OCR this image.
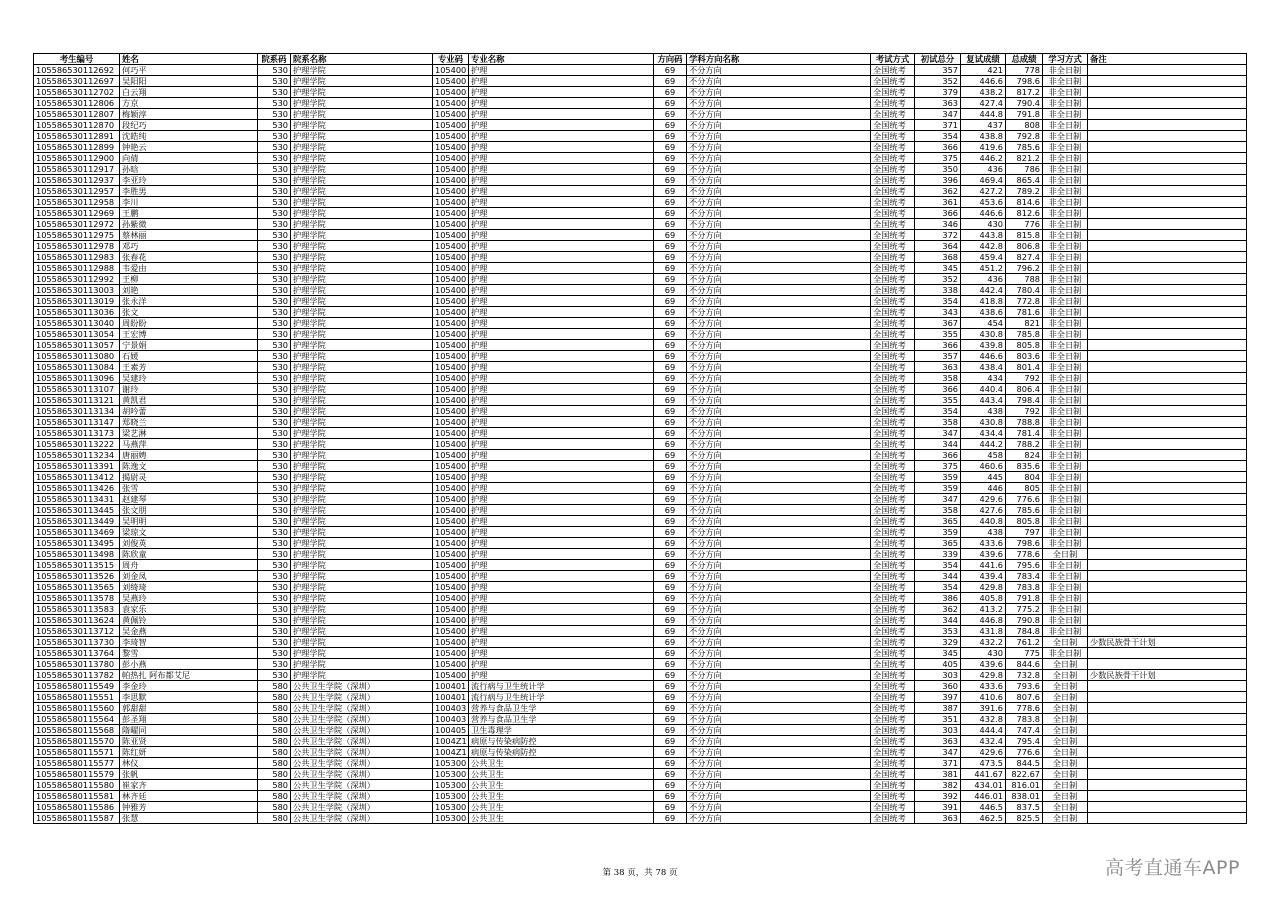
考生编号	姓名	院系码	院系名称	专业码	专业名称	方向码	学科方向名称	考试方式	初试总分	复试成绩	总成绩	学习方式	备注
105586530112692	何巧平	530	护理学院	105400	护理	69	不分方向	全国统考	357	421	778	非全日制	
105586530112697	吴阳阳	530	护理学院	105400	护理	69	不分方向	全国统考	352	446.6	798.6	非全日制	
105586530112702	白云翔	530	护理学院	105400	护理	69	不分方向	全国统考	379	438.2	817.2	非全日制	
105586530112806	方京	530	护理学院	105400	护理	69	不分方向	全国统考	363	427.4	790.4	非全日制	
105586530112807	梅颖淳	530	护理学院	105400	护理	69	不分方向	全国统考	347	444.8	791.8	非全日制	
105586530112870	段纪巧	530	护理学院	105400	护理	69	不分方向	全国统考	371	437	808	非全日制	
105586530112891	沈皓纯	530	护理学院	105400	护理	69	不分方向	全国统考	354	438.8	792.8	非全日制	
105586530112899	钟艳云	530	护理学院	105400	护理	69	不分方向	全国统考	366	419.6	785.6	非全日制	
105586530112900	向倩	530	护理学院	105400	护理	69	不分方向	全国统考	375	446.2	821.2	非全日制	
105586530112917	孙晗	530	护理学院	105400	护理	69	不分方向	全国统考	350	436	786	非全日制	
105586530112937	李亚玲	530	护理学院	105400	护理	69	不分方向	全国统考	396	469.4	865.4	非全日制	
105586530112957	李胜男	530	护理学院	105400	护理	69	不分方向	全国统考	362	427.2	789.2	非全日制	
105586530112958	李川	530	护理学院	105400	护理	69	不分方向	全国统考	361	453.6	814.6	非全日制	
105586530112969	王鹏	530	护理学院	105400	护理	69	不分方向	全国统考	366	446.6	812.6	非全日制	
105586530112972	孙紫微	530	护理学院	105400	护理	69	不分方向	全国统考	346	430	776	非全日制	
105586530112975	蔡林丽	530	护理学院	105400	护理	69	不分方向	全国统考	372	443.8	815.8	非全日制	
105586530112978	邓巧	530	护理学院	105400	护理	69	不分方向	全国统考	364	442.8	806.8	非全日制	
105586530112983	张春花	530	护理学院	105400	护理	69	不分方向	全国统考	368	459.4	827.4	非全日制	
105586530112988	韦爱由	530	护理学院	105400	护理	69	不分方向	全国统考	345	451.2	796.2	非全日制	
105586530112992	王柳	530	护理学院	105400	护理	69	不分方向	全国统考	352	436	788	非全日制	
105586530113003	刘艳	530	护理学院	105400	护理	69	不分方向	全国统考	338	442.4	780.4	非全日制	
105586530113019	张永洋	530	护理学院	105400	护理	69	不分方向	全国统考	354	418.8	772.8	非全日制	
105586530113036	张文	530	护理学院	105400	护理	69	不分方向	全国统考	343	438.6	781.6	非全日制	
105586530113040	周盼盼	530	护理学院	105400	护理	69	不分方向	全国统考	367	454	821	非全日制	
105586530113054	王宏博	530	护理学院	105400	护理	69	不分方向	全国统考	355	430.8	785.8	非全日制	
105586530113057	宁景娟	530	护理学院	105400	护理	69	不分方向	全国统考	366	439.8	805.8	非全日制	
105586530113080	石媛	530	护理学院	105400	护理	69	不分方向	全国统考	357	446.6	803.6	非全日制	
105586530113084	王素芳	530	护理学院	105400	护理	69	不分方向	全国统考	363	438.4	801.4	非全日制	
105586530113096	吴建玲	530	护理学院	105400	护理	69	不分方向	全国统考	358	434	792	非全日制	
105586530113107	谢玲	530	护理学院	105400	护理	69	不分方向	全国统考	366	440.4	806.4	非全日制	
105586530113121	黄凯君	530	护理学院	105400	护理	69	不分方向	全国统考	355	443.4	798.4	非全日制	
105586530113134	胡吟蕾	530	护理学院	105400	护理	69	不分方向	全国统考	354	438	792	非全日制	
105586530113147	郑晓兰	530	护理学院	105400	护理	69	不分方向	全国统考	358	430.8	788.8	非全日制	
105586530113173	梁艺淋	530	护理学院	105400	护理	69	不分方向	全国统考	347	434.4	781.4	非全日制	
105586530113222	马燕萍	530	护理学院	105400	护理	69	不分方向	全国统考	344	444.2	788.2	非全日制	
105586530113234	唐丽娉	530	护理学院	105400	护理	69	不分方向	全国统考	366	458	824	非全日制	
105586530113391	陈逸文	530	护理学院	105400	护理	69	不分方向	全国统考	375	460.6	835.6	非全日制	
105586530113412	揭尉灵	530	护理学院	105400	护理	69	不分方向	全国统考	359	445	804	非全日制	
105586530113426	张雪	530	护理学院	105400	护理	69	不分方向	全国统考	359	446	805	非全日制	
105586530113431	赵建琴	530	护理学院	105400	护理	69	不分方向	全国统考	347	429.6	776.6	非全日制	
105586530113445	张文朋	530	护理学院	105400	护理	69	不分方向	全国统考	358	427.6	785.6	非全日制	
105586530113449	吴明明	530	护理学院	105400	护理	69	不分方向	全国统考	365	440.8	805.8	非全日制	
105586530113469	梁琼文	530	护理学院	105400	护理	69	不分方向	全国统考	359	438	797	非全日制	
105586530113495	刘俊英	530	护理学院	105400	护理	69	不分方向	全国统考	365	433.6	798.6	非全日制	
105586530113498	陈欣童	530	护理学院	105400	护理	69	不分方向	全国统考	339	439.6	778.6	全日制	
105586530113515	周舟	530	护理学院	105400	护理	69	不分方向	全国统考	354	441.6	795.6	非全日制	
105586530113526	刘金凤	530	护理学院	105400	护理	69	不分方向	全国统考	344	439.4	783.4	非全日制	
105586530113565	刘绮琦	530	护理学院	105400	护理	69	不分方向	全国统考	354	429.8	783.8	非全日制	
105586530113578	吴燕玲	530	护理学院	105400	护理	69	不分方向	全国统考	386	405.8	791.8	非全日制	
105586530113583	袁家乐	530	护理学院	105400	护理	69	不分方向	全国统考	362	413.2	775.2	非全日制	
105586530113624	黄佩铃	530	护理学院	105400	护理	69	不分方向	全国统考	344	446.8	790.8	非全日制	
105586530113712	吴金燕	530	护理学院	105400	护理	69	不分方向	全国统考	353	431.8	784.8	非全日制	
105586530113730	李琦智	530	护理学院	105400	护理	69	不分方向	全国统考	329	432.2	761.2	全日制	少数民族骨干计划
105586530113764	黎雪	530	护理学院	105400	护理	69	不分方向	全国统考	345	430	775	非全日制	
105586530113780	彭小燕	530	护理学院	105400	护理	69	不分方向	全国统考	405	439.6	844.6	全日制	
105586530113782	帕热扎 阿布都艾尼	530	护理学院	105400	护理	69	不分方向	全国统考	303	429.8	732.8	全日制	少数民族骨干计划
105586580115549	李金玲	580	公共卫生学院（深圳）	100401	流行病与卫生统计学	69	不分方向	全国统考	360	433.6	793.6	全日制	
105586580115551	李思默	580	公共卫生学院（深圳）	100401	流行病与卫生统计学	69	不分方向	全国统考	397	410.6	807.6	全日制	
105586580115560	郭甜甜	580	公共卫生学院（深圳）	100403	营养与食品卫生学	69	不分方向	全国统考	387	391.6	778.6	全日制	
105586580115564	彭圣翔	580	公共卫生学院（深圳）	100403	营养与食品卫生学	69	不分方向	全国统考	351	432.8	783.8	全日制	
105586580115568	隋曜同	580	公共卫生学院（深圳）	100405	卫生毒理学	69	不分方向	全国统考	303	444.4	747.4	全日制	
105586580115570	陈亚贤	580	公共卫生学院（深圳）	1004Z1	病原与传染病防控	69	不分方向	全国统考	363	432.4	795.4	全日制	
105586580115571	陈红妍	580	公共卫生学院（深圳）	1004Z1	病原与传染病防控	69	不分方向	全国统考	347	429.6	776.6	全日制	
105586580115577	林仪	580	公共卫生学院（深圳）	105300	公共卫生	69	不分方向	全国统考	371	473.5	844.5	全日制	
105586580115579	张帆	580	公共卫生学院（深圳）	105300	公共卫生	69	不分方向	全国统考	381	441.67	822.67	全日制	
105586580115580	崔家齐	580	公共卫生学院（深圳）	105300	公共卫生	69	不分方向	全国统考	382	434.01	816.01	全日制	
105586580115581	林齐廷	580	公共卫生学院（深圳）	105300	公共卫生	69	不分方向	全国统考	392	446.01	838.01	全日制	
105586580115586	钟雅芳	580	公共卫生学院（深圳）	105300	公共卫生	69	不分方向	全国统考	391	446.5	837.5	全日制	
105586580115587	张慧	580	公共卫生学院（深圳）	105300	公共卫生	69	不分方向	全国统考	363	462.5	825.5	全日制	
第 38 页，共 78 页	高考直通车APP
